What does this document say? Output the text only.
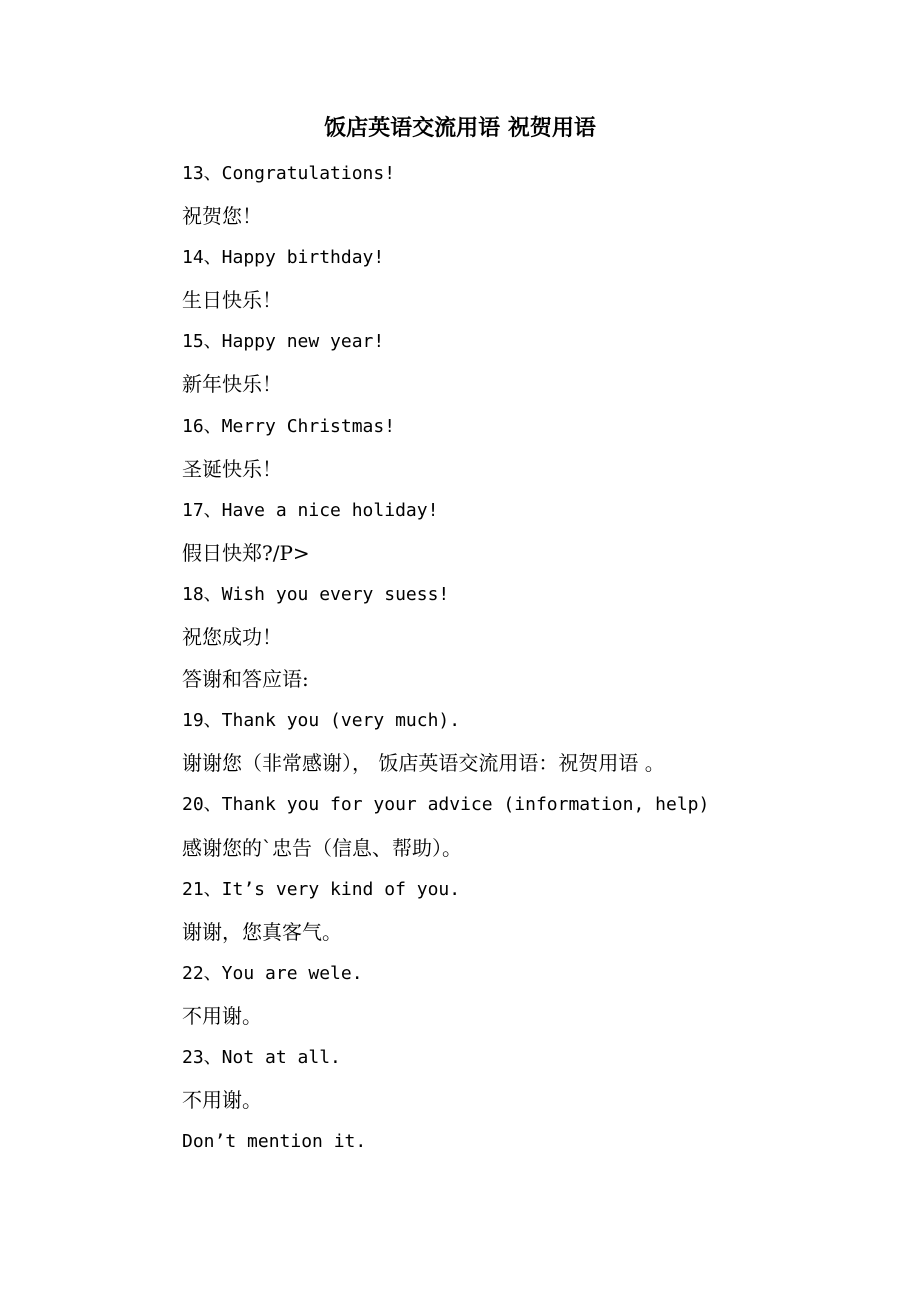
饭店英语交流用语 祝贺用语
13、Congratulations!
祝贺您！
14、Happy birthday!
生日快乐！
15、Happy new year!
新年快乐！
16、Merry Christmas!
圣诞快乐！
17、Have a nice holiday!
假日快郑?/P>
18、Wish you every suess!
祝您成功！
答谢和答应语:
19、Thank you (very much).
谢谢您（非常感谢）， 饭店英语交流用语：祝贺用语 。
20、Thank you for your advice (information, help)
感谢您的`忠告（信息、帮助）。
21、It’s very kind of you.
谢谢，您真客气。
22、You are wele.
不用谢。
23、Not at all.
不用谢。
Don’t mention it.
